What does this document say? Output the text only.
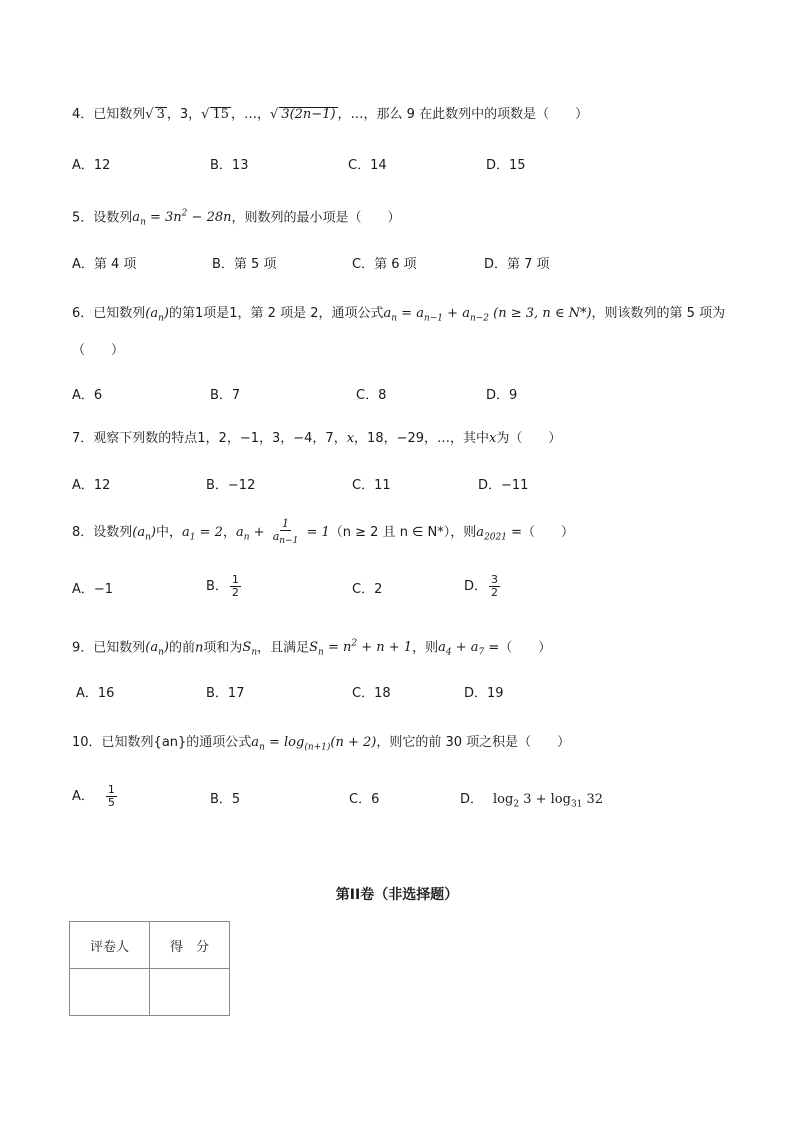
4．已知数列√ 3 ，3，√ 15 ，…，√ 3(2n−1) ，…，那么 9 在此数列中的项数是（　　）
A．12	B．13	C．14	D．15
5．设数列$a_n = 3n^2 - 28n$，则数列的最小项是（　　）
A．第 4 项	B．第 5 项	C．第 6 项	D．第 7 项
6．已知数列$(a_n)$的第1项是1，第 2 项是 2，通项公式$a_n = a_{n-1} + a_{n-2}$ (n ≥ 3, n ∈ N*)，则该数列的第 5 项为
（　　）
A．6	B．7	C．8	D．9
7．观察下列数的特点1，2，−1，3，−4，7，x，18，−29，…，其中x为（　　）
A．12	B．−12	C．11	D．−11
8．设数列$(a_n)$中，$a_1 = 2$，$a_n + \frac{1}{a_{n-1}} = 1(n \ge 2$ 且 n ∈ N*），则$a_{2021}$ =（　　）
A．−1	B． $\frac{1}{2}$	C．2	D． $\frac{3}{2}$
9．已知数列$(a_n)$的前n项和为$S_n$，且满足$S_n = n^2 + n + 1$，则$a_4 + a_7$ =（　　）
A．16	B．17	C．18	D．19
10．已知数列{an}的通项公式$a_n = \log_{(n+1)}(n + 2)$，则它的前 30 项之积是（　　）
A． $\frac{1}{5}$	B．5	C．6	D． $\log_2 3 + \log_{31} 32$
第II卷（非选择题）
评卷人	得　分
